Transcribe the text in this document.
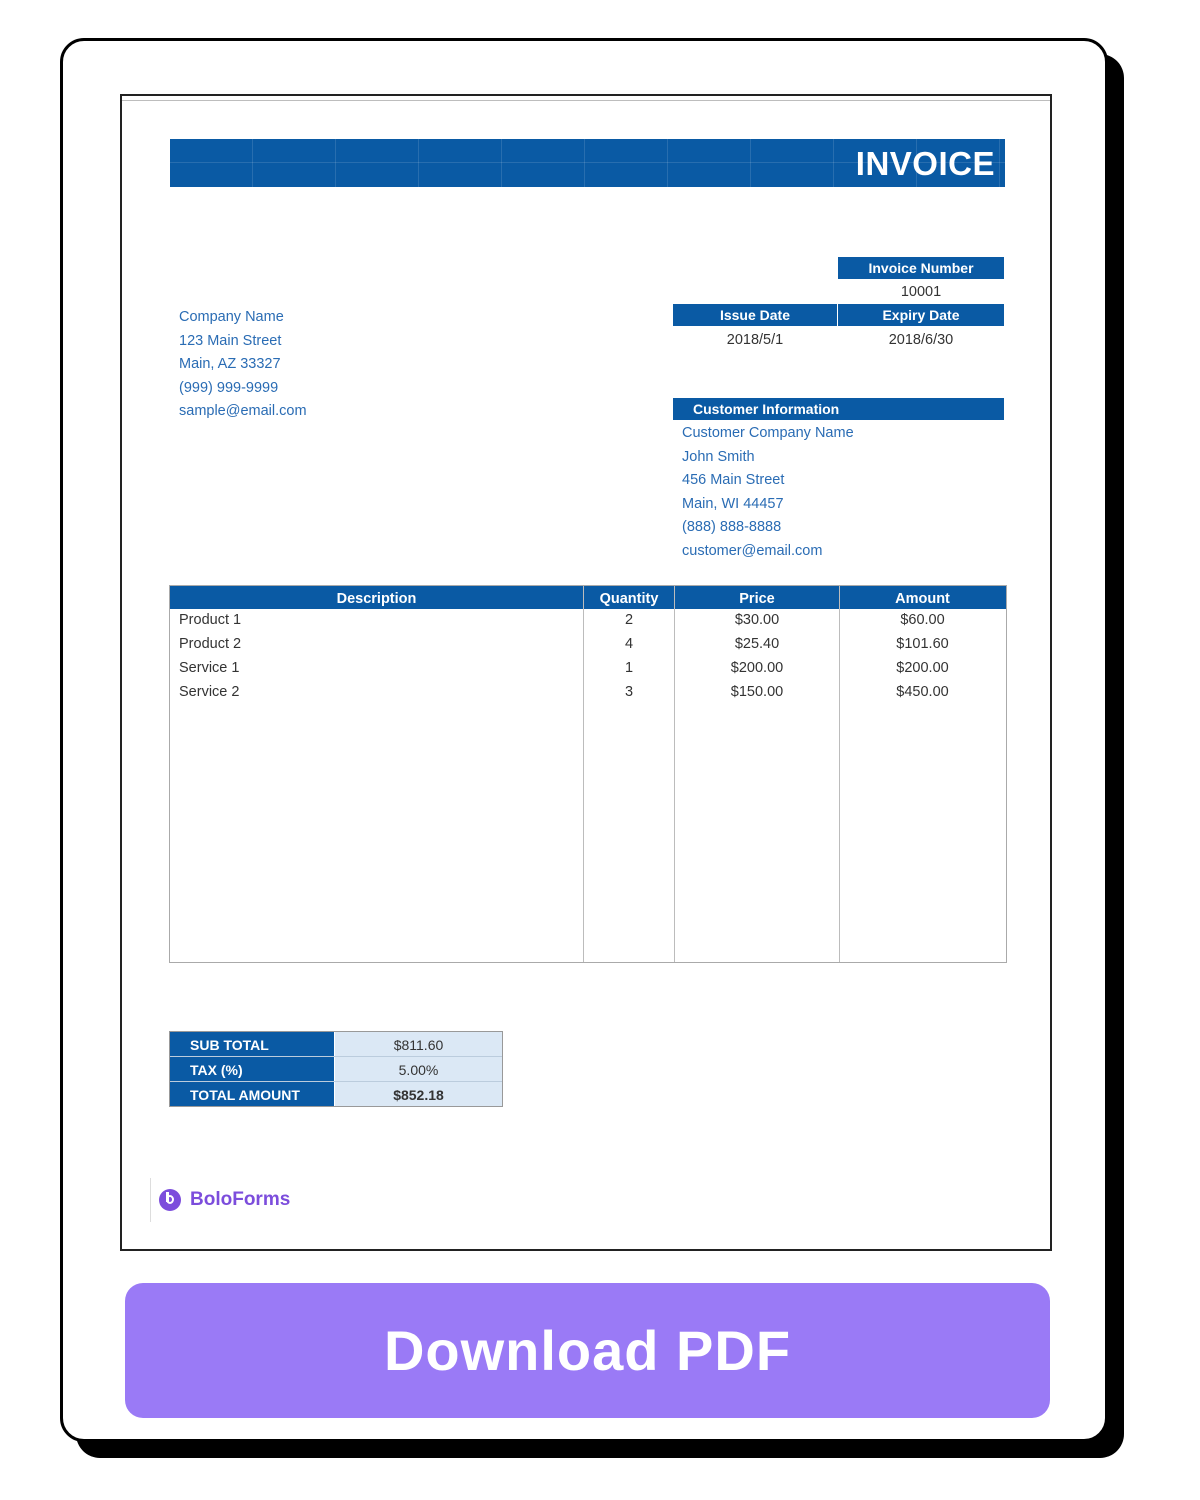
INVOICE
Invoice Number
10001
Issue Date	Expiry Date
2018/5/1	2018/6/30
Company Name
123 Main Street
Main, AZ 33327
(999) 999-9999
sample@email.com	Customer Information
Customer Company Name
John Smith
456 Main Street
Main, WI 44457
(888) 888-8888
customer@email.com
Description	Quantity	Price	Amount
Product 1	2	$30.00	$60.00
Product 2	4	$25.40	$101.60
Service 1	1	$200.00	$200.00
Service 2	3	$150.00	$450.00
SUB TOTAL	$811.60
TAX (%)	5.00%
TOTAL AMOUNT	$852.18
BoloForms
Download PDF
